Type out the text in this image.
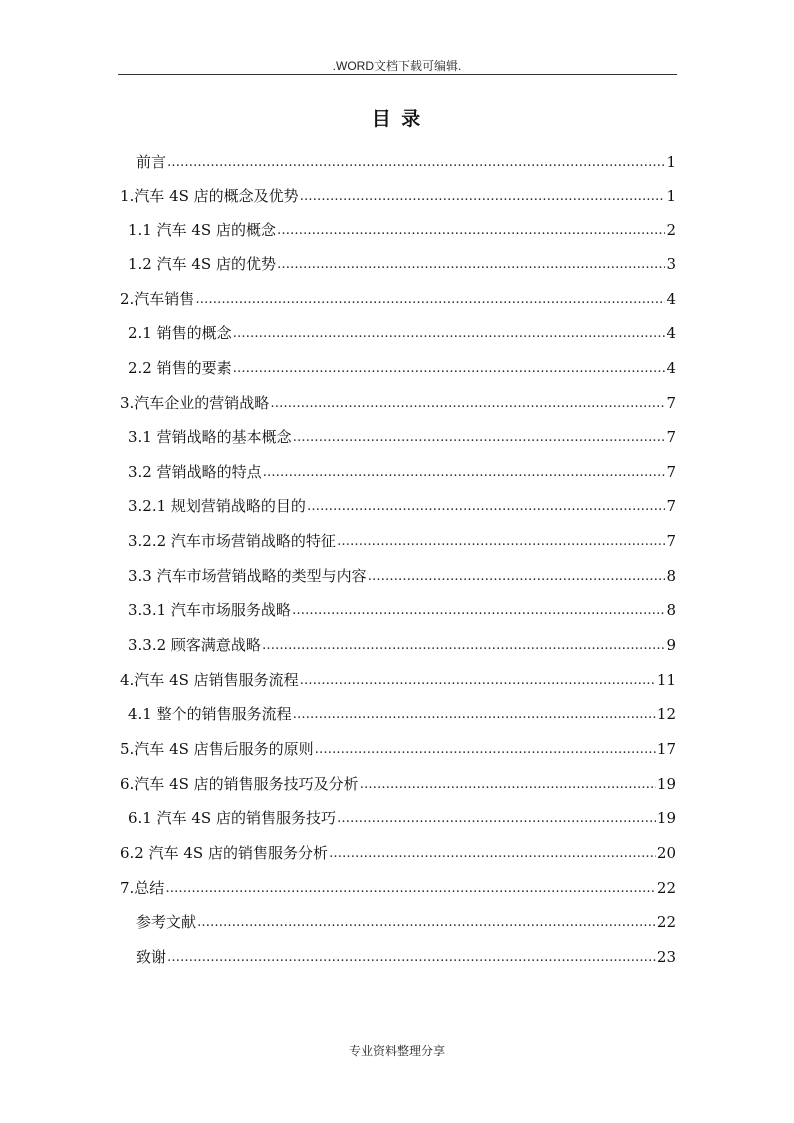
.WORD文档下载可编辑.
目 录
前言 …………………………………………………………………………………………………………………………………………………………………………………………………………………………	1
1.汽车 4S 店的概念及优势 …………………………………………………………………………………………………………………………………………………………………………………………………………………………	1
1.1 汽车 4S 店的概念 …………………………………………………………………………………………………………………………………………………………………………………………………………………………	2
1.2 汽车 4S 店的优势 …………………………………………………………………………………………………………………………………………………………………………………………………………………………	3
2.汽车销售 …………………………………………………………………………………………………………………………………………………………………………………………………………………………	4
2.1 销售的概念 …………………………………………………………………………………………………………………………………………………………………………………………………………………………	4
2.2 销售的要素 …………………………………………………………………………………………………………………………………………………………………………………………………………………………	4
3.汽车企业的营销战略 …………………………………………………………………………………………………………………………………………………………………………………………………………………………	7
3.1 营销战略的基本概念 …………………………………………………………………………………………………………………………………………………………………………………………………………………………	7
3.2 营销战略的特点 …………………………………………………………………………………………………………………………………………………………………………………………………………………………	7
3.2.1 规划营销战略的目的 …………………………………………………………………………………………………………………………………………………………………………………………………………………………	7
3.2.2 汽车市场营销战略的特征 …………………………………………………………………………………………………………………………………………………………………………………………………………………………	7
3.3 汽车市场营销战略的类型与内容 …………………………………………………………………………………………………………………………………………………………………………………………………………………………	8
3.3.1 汽车市场服务战略 …………………………………………………………………………………………………………………………………………………………………………………………………………………………	8
3.3.2 顾客满意战略 …………………………………………………………………………………………………………………………………………………………………………………………………………………………	9
4.汽车 4S 店销售服务流程 …………………………………………………………………………………………………………………………………………………………………………………………………………………………	11
4.1 整个的销售服务流程 …………………………………………………………………………………………………………………………………………………………………………………………………………………………	12
5.汽车 4S 店售后服务的原则 …………………………………………………………………………………………………………………………………………………………………………………………………………………………	17
6.汽车 4S 店的销售服务技巧及分析 …………………………………………………………………………………………………………………………………………………………………………………………………………………………	19
6.1 汽车 4S 店的销售服务技巧 …………………………………………………………………………………………………………………………………………………………………………………………………………………………	19
6.2 汽车 4S 店的销售服务分析 …………………………………………………………………………………………………………………………………………………………………………………………………………………………	20
7.总结 …………………………………………………………………………………………………………………………………………………………………………………………………………………………	22
参考文献 …………………………………………………………………………………………………………………………………………………………………………………………………………………………	22
致谢 …………………………………………………………………………………………………………………………………………………………………………………………………………………………	23
专业资料整理分享
